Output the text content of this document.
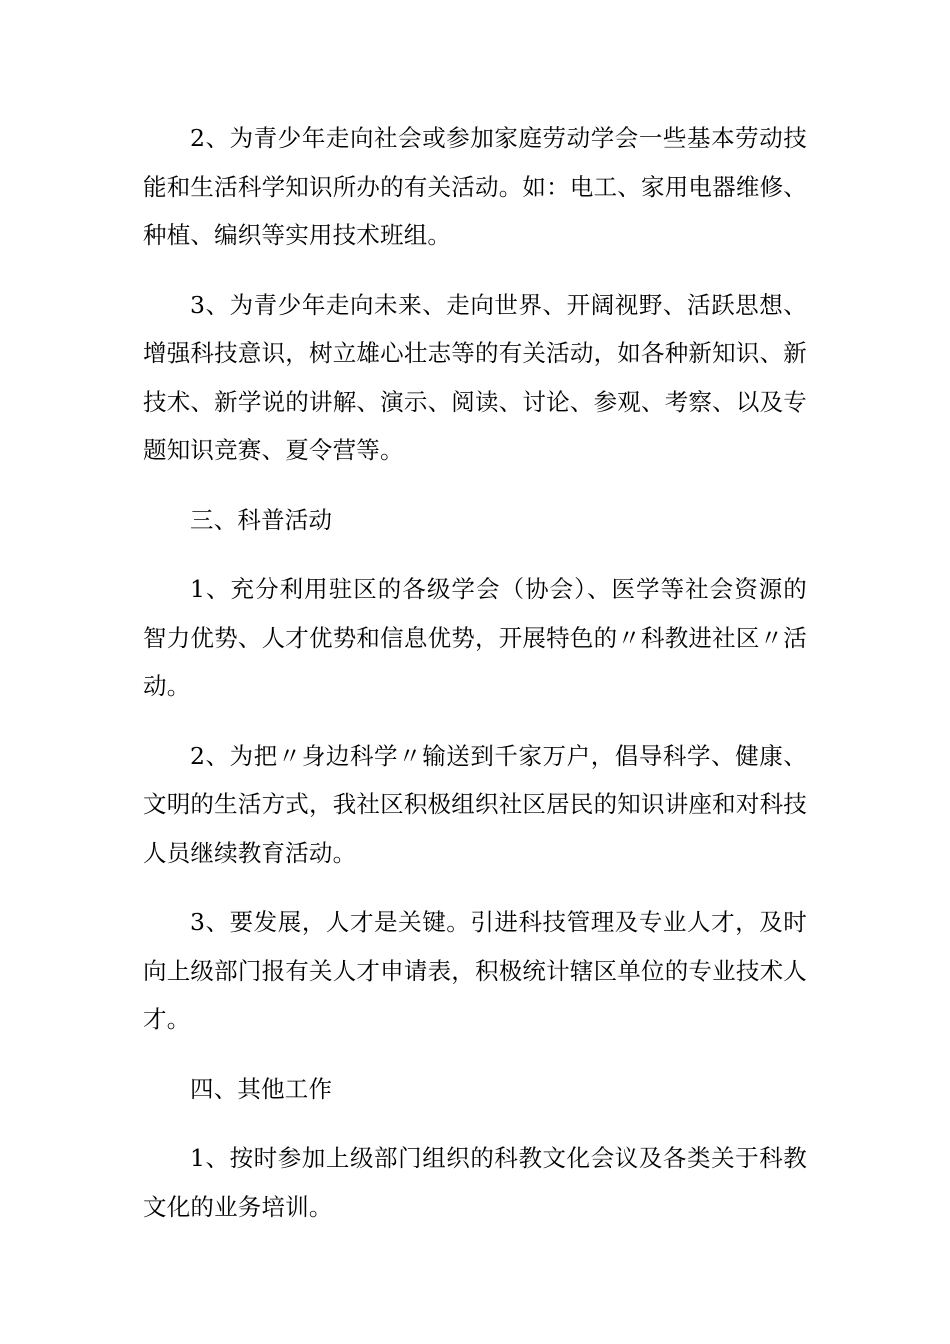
2、为青少年走向社会或参加家庭劳动学会一些基本劳动技能和生活科学知识所办的有关活动。如：电工、家用电器维修、种植、编织等实用技术班组。

3、为青少年走向未来、走向世界、开阔视野、活跃思想、增强科技意识，树立雄心壮志等的有关活动，如各种新知识、新技术、新学说的讲解、演示、阅读、讨论、参观、考察、以及专题知识竞赛、夏令营等。

三、科普活动

1、充分利用驻区的各级学会（协会）、医学等社会资源的智力优势、人才优势和信息优势，开展特色的〃科教进社区〃活动。

2、为把〃身边科学〃输送到千家万户，倡导科学、健康、文明的生活方式，我社区积极组织社区居民的知识讲座和对科技人员继续教育活动。

3、要发展，人才是关键。引进科技管理及专业人才，及时向上级部门报有关人才申请表，积极统计辖区单位的专业技术人才。

四、其他工作

1、按时参加上级部门组织的科教文化会议及各类关于科教文化的业务培训。
